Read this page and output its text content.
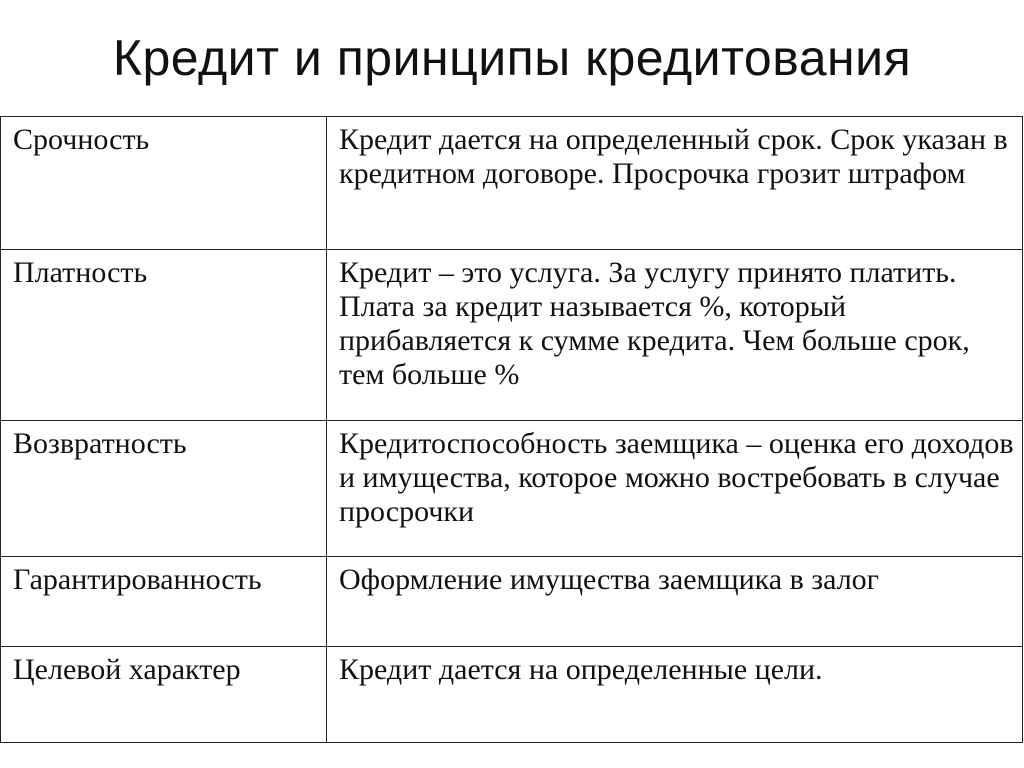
Кредит и принципы кредитования
Срочность	Кредит дается на определенный срок. Срок указан в кредитном договоре. Просрочка грозит штрафом
Платность	Кредит – это услуга. За услугу принято платить. Плата за кредит называется %, который прибавляется к сумме кредита. Чем больше срок, тем больше %
Возвратность	Кредитоспособность заемщика – оценка его доходов и имущества, которое можно востребовать в случае просрочки
Гарантированность	Оформление имущества заемщика в залог
Целевой характер	Кредит дается на определенные цели.
